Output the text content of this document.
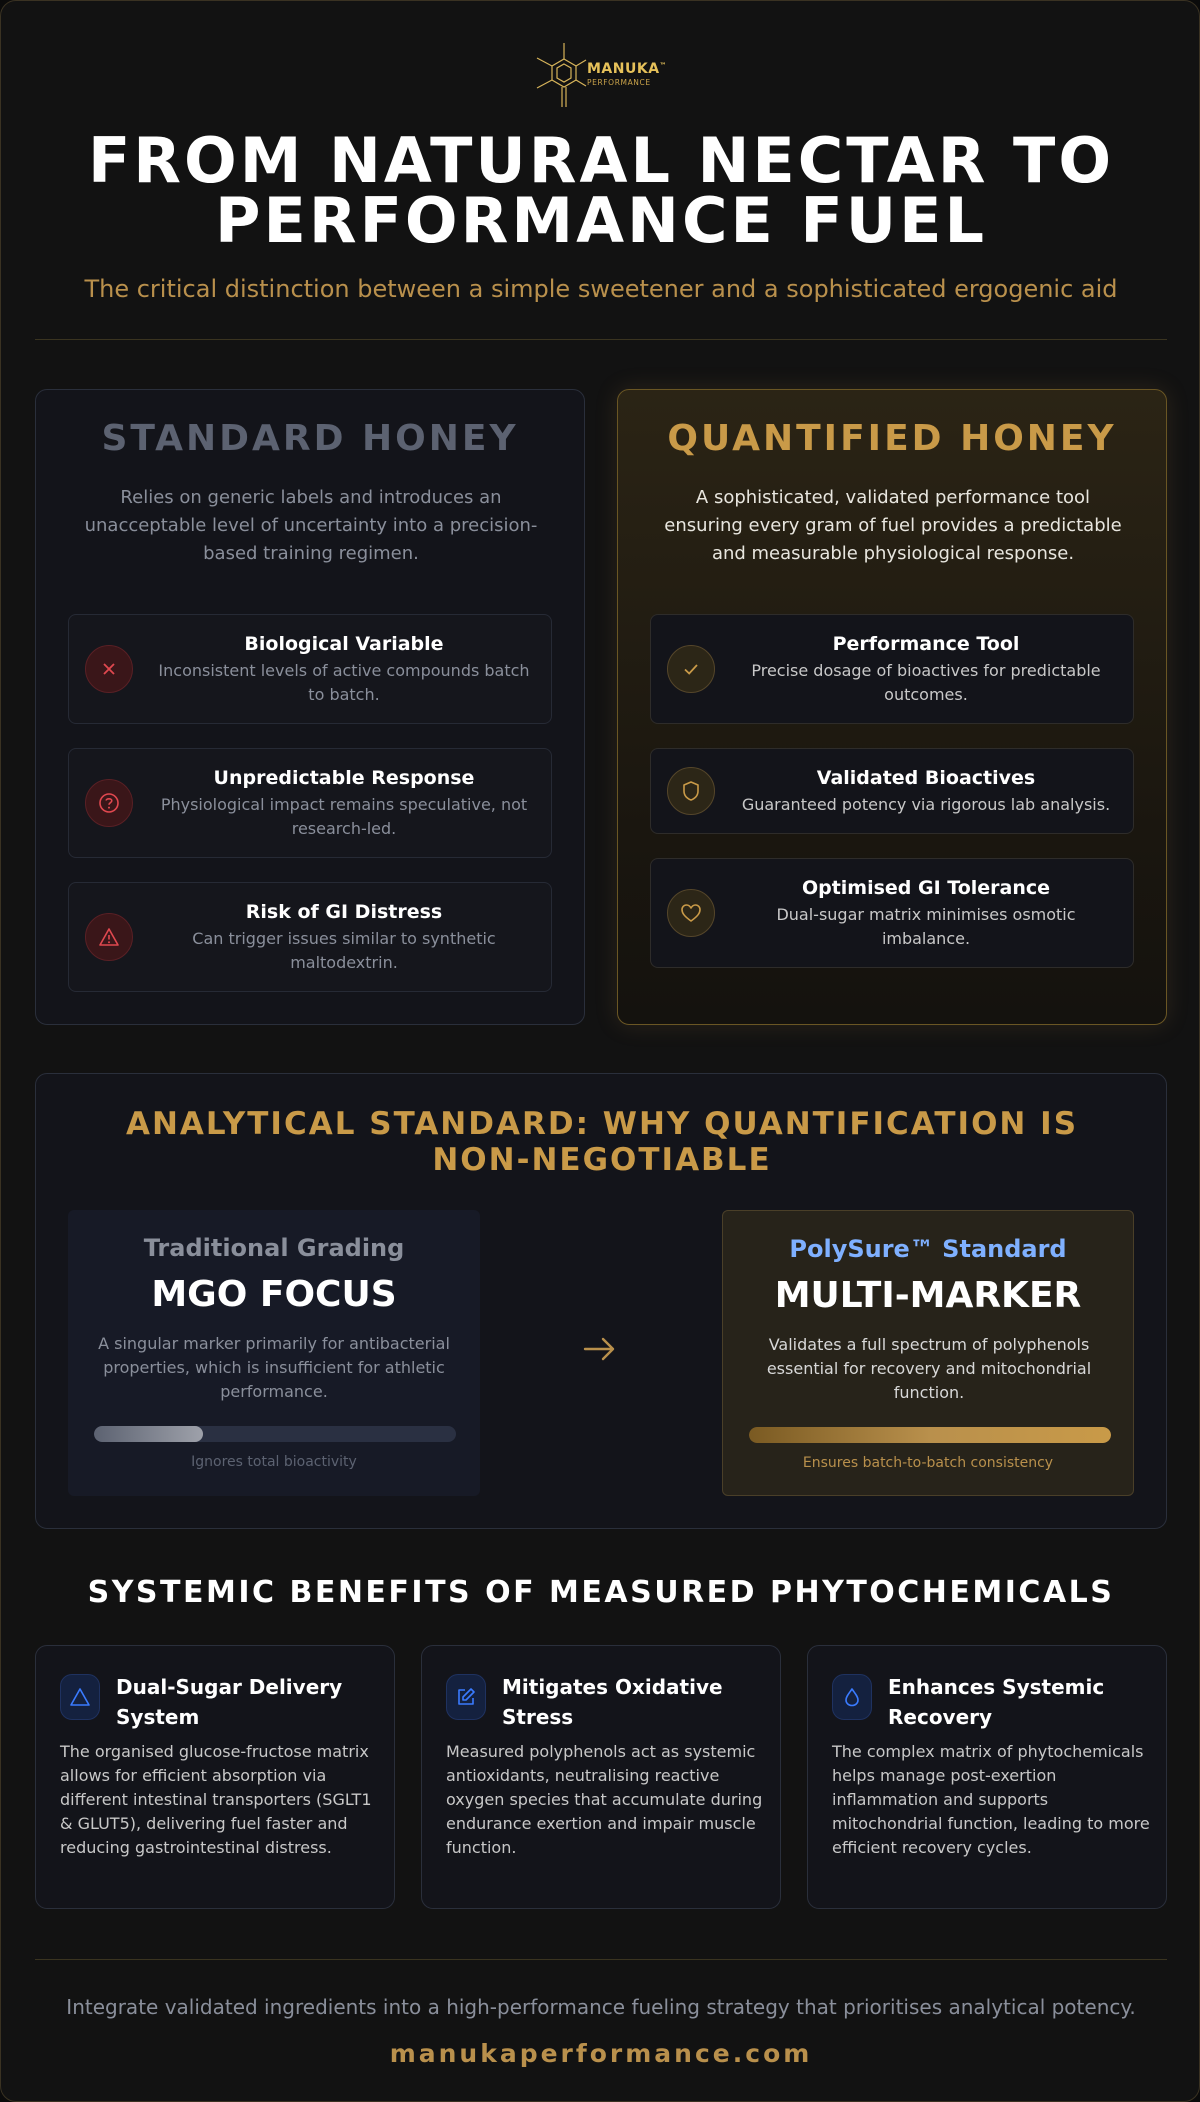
MANUKA™
PERFORMANCE
FROM NATURAL NECTAR TO
PERFORMANCE FUEL
The critical distinction between a simple sweetener and a sophisticated ergogenic aid
STANDARD HONEY
Relies on generic labels and introduces an unacceptable level of uncertainty into a precision-based training regimen.
Biological Variable
Inconsistent levels of active compounds batch to batch.
Unpredictable Response
Physiological impact remains speculative, not research-led.
Risk of GI Distress
Can trigger issues similar to synthetic maltodextrin.
QUANTIFIED HONEY
A sophisticated, validated performance tool ensuring every gram of fuel provides a predictable and measurable physiological response.
Performance Tool
Precise dosage of bioactives for predictable outcomes.
Validated Bioactives
Guaranteed potency via rigorous lab analysis.
Optimised GI Tolerance
Dual-sugar matrix minimises osmotic imbalance.
ANALYTICAL STANDARD: WHY QUANTIFICATION IS NON-NEGOTIABLE
Traditional Grading
MGO FOCUS
A singular marker primarily for antibacterial properties, which is insufficient for athletic performance.
Ignores total bioactivity
PolySure™ Standard
MULTI-MARKER
Validates a full spectrum of polyphenols essential for recovery and mitochondrial function.
Ensures batch-to-batch consistency
SYSTEMIC BENEFITS OF MEASURED PHYTOCHEMICALS
Dual-Sugar Delivery System
The organised glucose-fructose matrix allows for efficient absorption via different intestinal transporters (SGLT1 & GLUT5), delivering fuel faster and reducing gastrointestinal distress.
Mitigates Oxidative Stress
Measured polyphenols act as systemic antioxidants, neutralising reactive oxygen species that accumulate during endurance exertion and impair muscle function.
Enhances Systemic Recovery
The complex matrix of phytochemicals helps manage post-exertion inflammation and supports mitochondrial function, leading to more efficient recovery cycles.
Integrate validated ingredients into a high-performance fueling strategy that prioritises analytical potency.
manukaperformance.com
